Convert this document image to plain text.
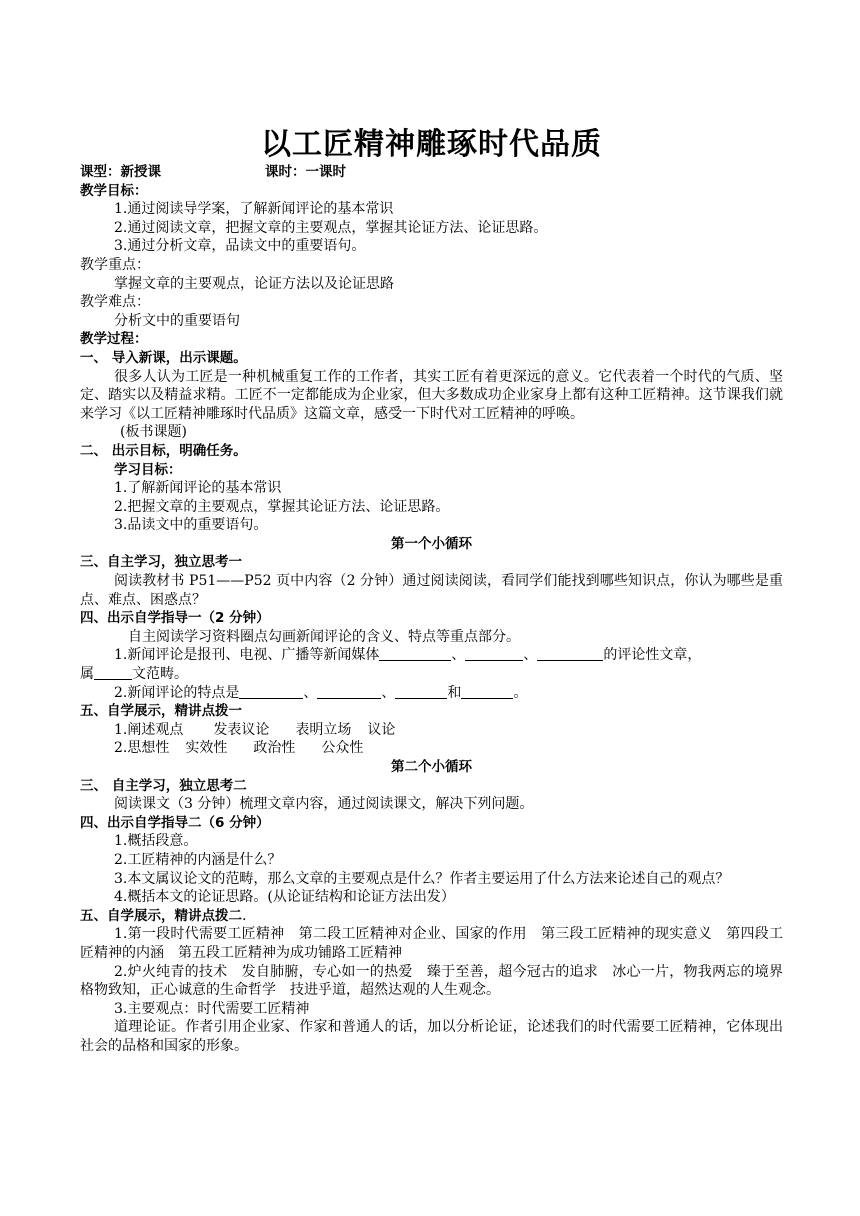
以工匠精神雕琢时代品质
课型：新授课	课时：一课时
教学目标：
1.通过阅读导学案，了解新闻评论的基本常识
2.通过阅读文章，把握文章的主要观点，掌握其论证方法、论证思路。
3.通过分析文章，品读文中的重要语句。
教学重点：
掌握文章的主要观点，论证方法以及论证思路
教学难点：
分析文中的重要语句
教学过程：
一、 导入新课，出示课题。
很多人认为工匠是一种机械重复工作的工作者，其实工匠有着更深远的意义。它代表着一个时代的气质、坚定、踏实以及精益求精。工匠不一定都能成为企业家，但大多数成功企业家身上都有这种工匠精神。这节课我们就来学习《以工匠精神雕琢时代品质》这篇文章，感受一下时代对工匠精神的呼唤。
(板书课题)
二、 出示目标，明确任务。
学习目标：
1.了解新闻评论的基本常识
2.把握文章的主要观点，掌握其论证方法、论证思路。
3.品读文中的重要语句。
第一个小循环
三、自主学习，独立思考一
阅读教材书 P51——P52 页中内容（2 分钟）通过阅读阅读，看同学们能找到哪些知识点，你认为哪些是重点、难点、困惑点？
四、出示自学指导一（2 分钟）
自主阅读学习资料圈点勾画新闻评论的含义、特点等重点部分。
1.新闻评论是报刊、电视、广播等新闻媒体	、	、	的评论性文章，
属	文范畴。
2.新闻评论的特点是	、	、	和	。
五、自学展示，精讲点拨一
1.阐述观点 发表议论 表明立场 议论
2.思想性 实效性 政治性 公众性
第二个小循环
三、 自主学习，独立思考二
阅读课文（3 分钟）梳理文章内容，通过阅读课文，解决下列问题。
四、出示自学指导二（6 分钟）
1.概括段意。
2.工匠精神的内涵是什么？
3.本文属议论文的范畴，那么文章的主要观点是什么？作者主要运用了什么方法来论述自己的观点？
4.概括本文的论证思路。(从论证结构和论证方法出发）
五、自学展示，精讲点拨二.
1.第一段时代需要工匠精神　第二段工匠精神对企业、国家的作用　第三段工匠精神的现实意义　第四段工匠精神的内涵　第五段工匠精神为成功铺路工匠精神
2.炉火纯青的技术　发自肺腑，专心如一的热爱　臻于至善，超今冠古的追求　冰心一片，物我两忘的境界　格物致知，正心诚意的生命哲学　技进乎道，超然达观的人生观念。
3.主要观点：时代需要工匠精神
道理论证。作者引用企业家、作家和普通人的话，加以分析论证，论述我们的时代需要工匠精神，它体现出社会的品格和国家的形象。
